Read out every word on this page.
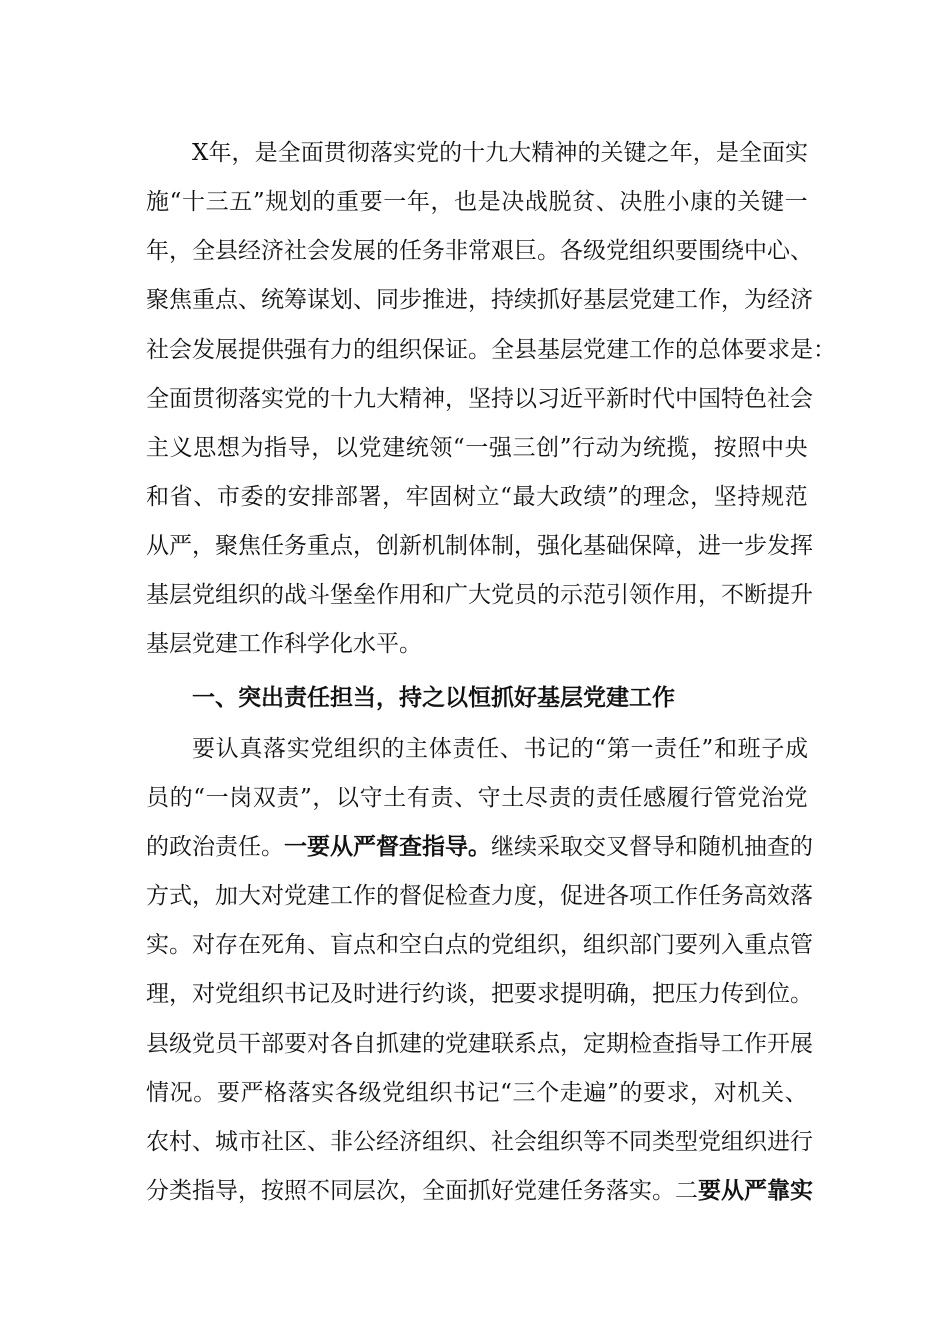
X 年 ， 是 全 面 贯 彻 落 实 党 的 十 九 大 精 神 的 关 键 之 年 ， 是 全 面 实
施 “ 十 三 五 ” 规 划 的 重 要 一 年 ， 也 是 决 战 脱 贫 、 决 胜 小 康 的 关 键 一
年 ， 全 县 经 济 社 会 发 展 的 任 务 非 常 艰 巨 。 各 级 党 组 织 要 围 绕 中 心 、
聚 焦 重 点 、 统 筹 谋 划 、 同 步 推 进 ， 持 续 抓 好 基 层 党 建 工 作 ， 为 经 济
社 会 发 展 提 供 强 有 力 的 组 织 保 证 。 全 县 基 层 党 建 工 作 的 总 体 要 求 是 ：
全 面 贯 彻 落 实 党 的 十 九 大 精 神 ， 坚 持 以 习 近 平 新 时 代 中 国 特 色 社 会
主 义 思 想 为 指 导 ， 以 党 建 统 领 “ 一 强 三 创 ” 行 动 为 统 揽 ， 按 照 中 央
和 省 、 市 委 的 安 排 部 署 ， 牢 固 树 立 “ 最 大 政 绩 ” 的 理 念 ， 坚 持 规 范
从 严 ， 聚 焦 任 务 重 点 ， 创 新 机 制 体 制 ， 强 化 基 础 保 障 ， 进 一 步 发 挥
基 层 党 组 织 的 战 斗 堡 垒 作 用 和 广 大 党 员 的 示 范 引 领 作 用 ， 不 断 提 升
基层党建工作科学化水平。
一、突出责任担当，持之以恒抓好基层党建工作
要 认 真 落 实 党 组 织 的 主 体 责 任 、 书 记 的 “ 第 一 责 任 ” 和 班 子 成
员 的 “ 一 岗 双 责 ” ， 以 守 土 有 责 、 守 土 尽 责 的 责 任 感 履 行 管 党 治 党
的政治责任。一要从严督查指导。继续采取交叉督导和随机抽查的
方 式 ， 加 大 对 党 建 工 作 的 督 促 检 查 力 度 ， 促 进 各 项 工 作 任 务 高 效 落
实 。 对 存 在 死 角 、 盲 点 和 空 白 点 的 党 组 织 ， 组 织 部 门 要 列 入 重 点 管
理 ， 对 党 组 织 书 记 及 时 进 行 约 谈 ， 把 要 求 提 明 确 ， 把 压 力 传 到 位 。
县 级 党 员 干 部 要 对 各 自 抓 建 的 党 建 联 系 点 ， 定 期 检 查 指 导 工 作 开 展
情 况 。 要 严 格 落 实 各 级 党 组 织 书 记 “ 三 个 走 遍 ” 的 要 求 ， 对 机 关 、
农 村 、 城 市 社 区 、 非 公 经 济 组 织 、 社 会 组 织 等 不 同 类 型 党 组 织 进 行
分类指导，按照不同层次，全面抓好党建任务落实。二要从严靠实
